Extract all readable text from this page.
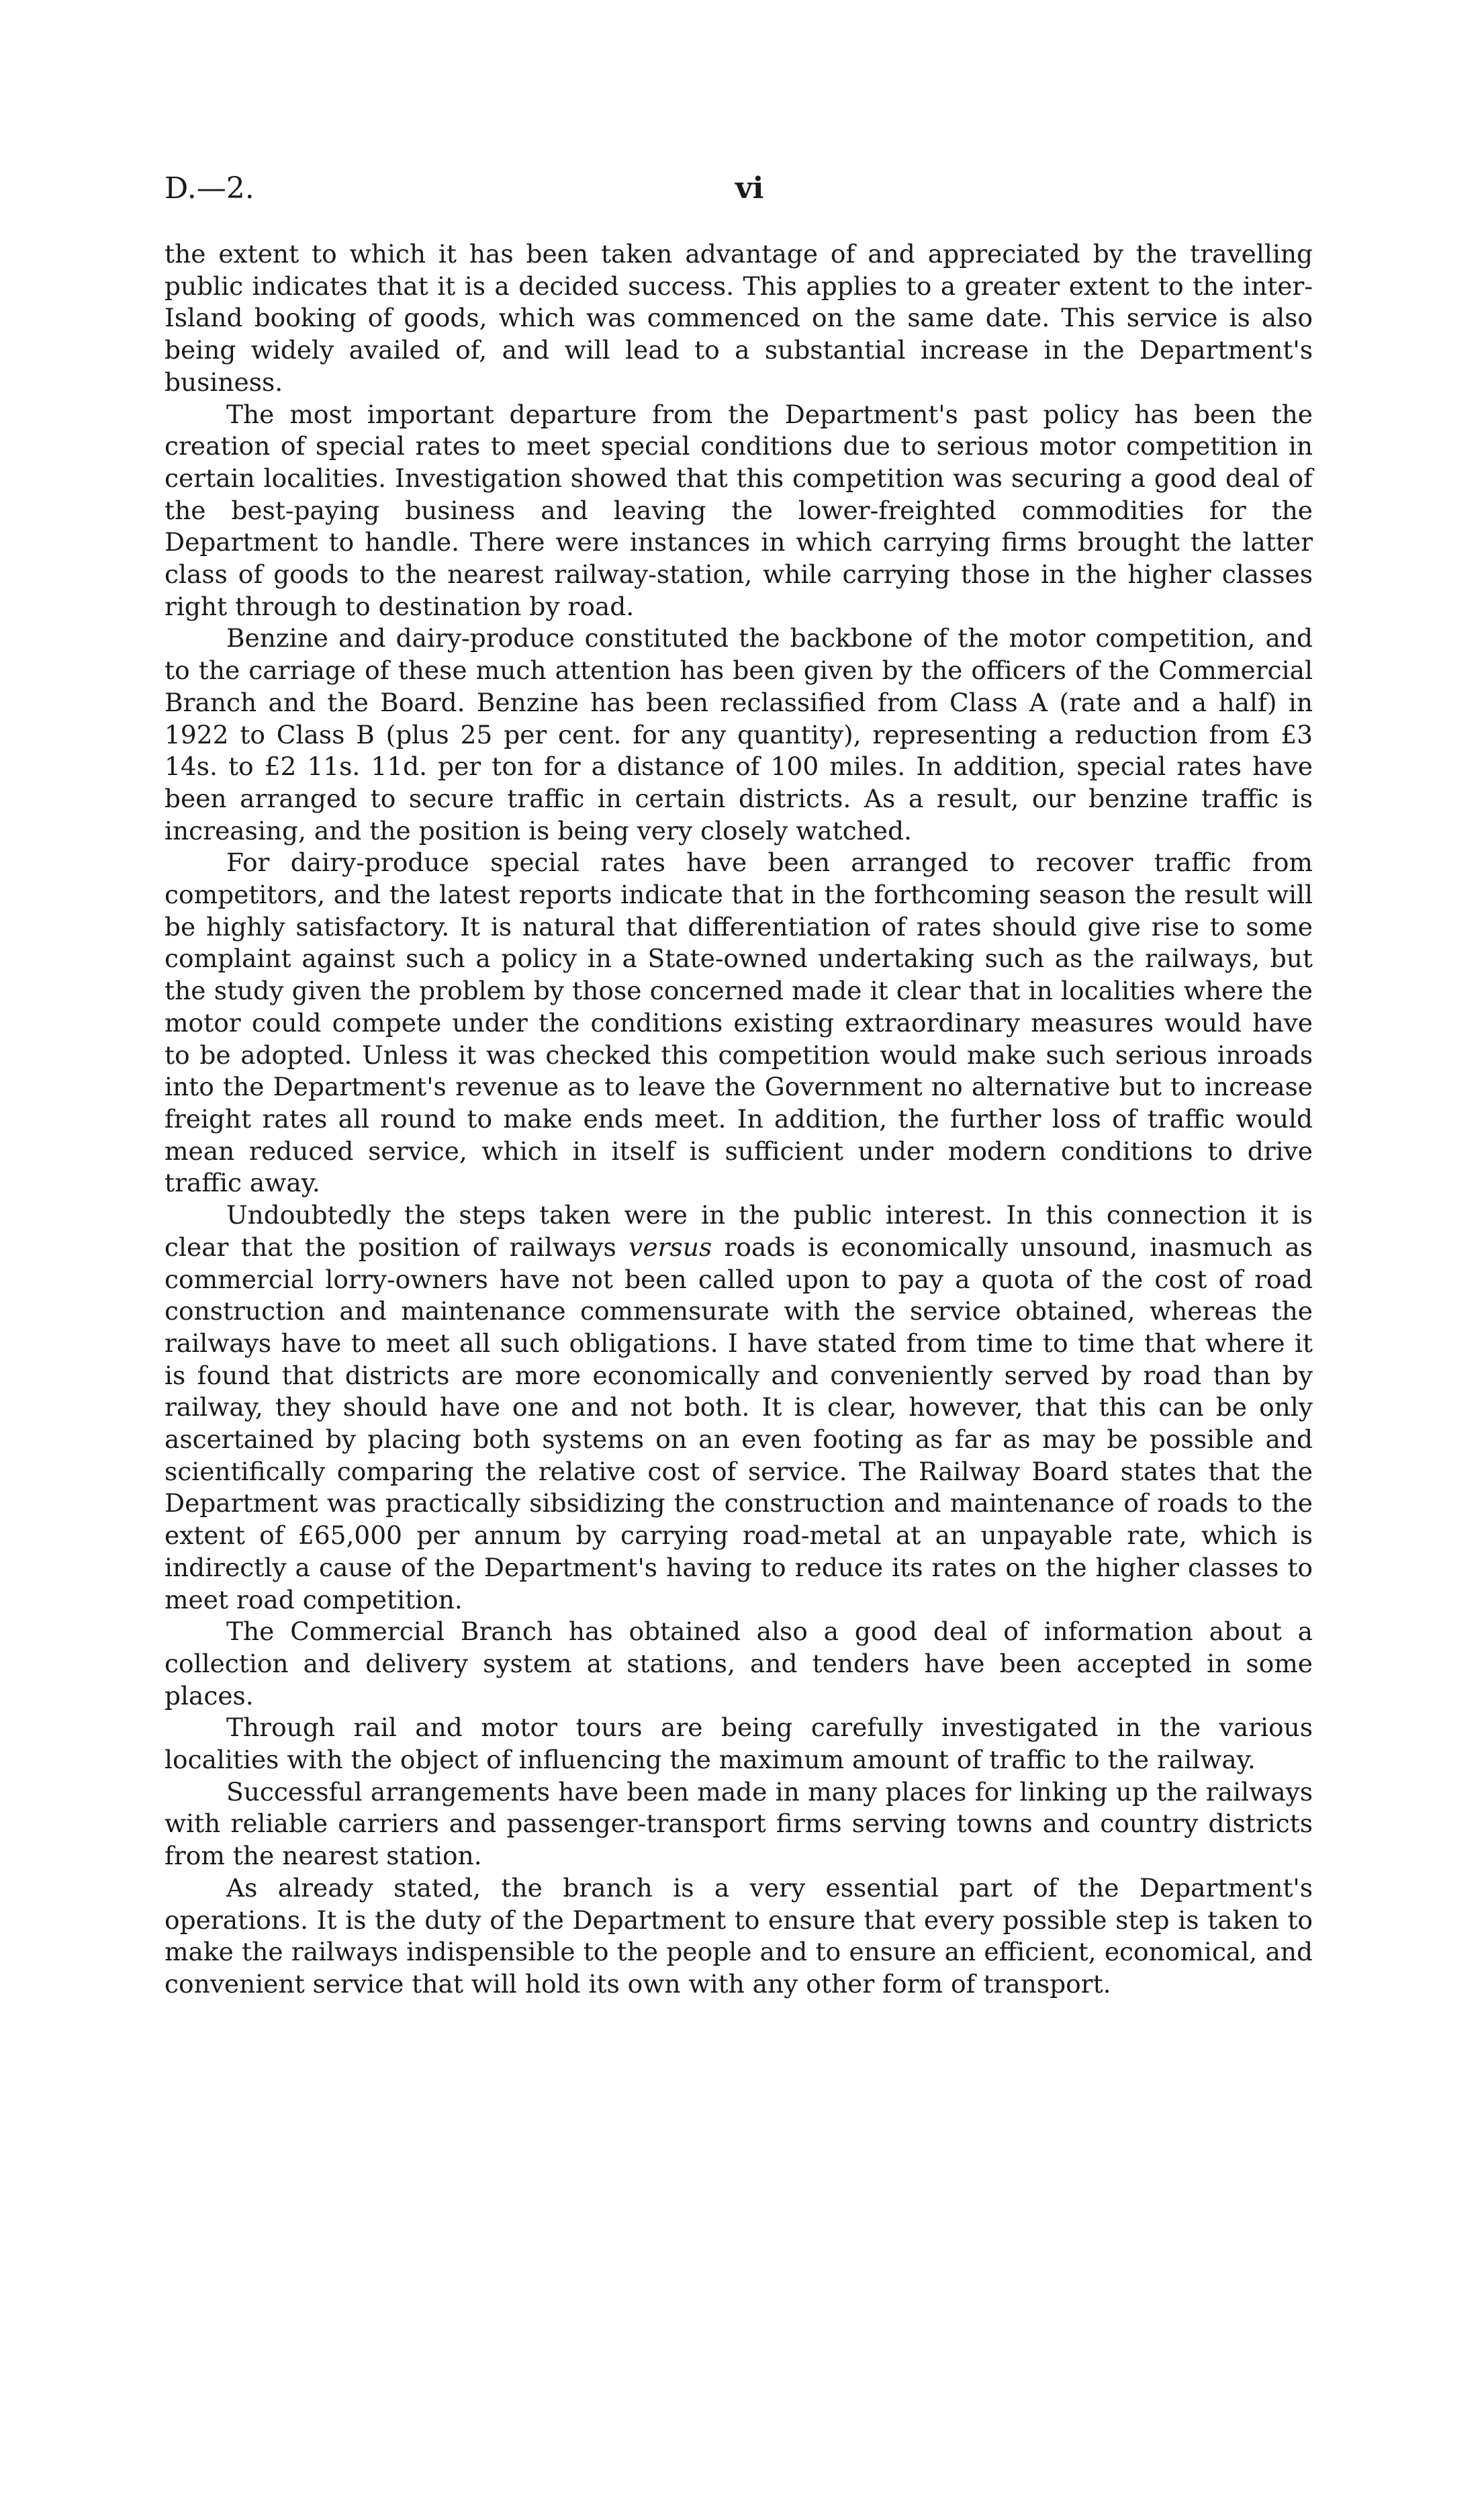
D.—2.	vi

the extent to which it has been taken advantage of and appreciated by the travelling public indicates that it is a decided success. This applies to a greater extent to the inter-Island booking of goods, which was commenced on the same date. This service is also being widely availed of, and will lead to a substantial increase in the Department's business.

The most important departure from the Department's past policy has been the creation of special rates to meet special conditions due to serious motor competition in certain localities. Investigation showed that this competition was securing a good deal of the best-paying business and leaving the lower-freighted commodities for the Department to handle. There were instances in which carrying firms brought the latter class of goods to the nearest railway-station, while carrying those in the higher classes right through to destination by road.

Benzine and dairy-produce constituted the backbone of the motor competition, and to the carriage of these much attention has been given by the officers of the Commercial Branch and the Board. Benzine has been reclassified from Class A (rate and a half) in 1922 to Class B (plus 25 per cent. for any quantity), representing a reduction from £3 14s. to £2 11s. 11d. per ton for a distance of 100 miles. In addition, special rates have been arranged to secure traffic in certain districts. As a result, our benzine traffic is increasing, and the position is being very closely watched.

For dairy-produce special rates have been arranged to recover traffic from competitors, and the latest reports indicate that in the forthcoming season the result will be highly satisfactory. It is natural that differentiation of rates should give rise to some complaint against such a policy in a State-owned undertaking such as the railways, but the study given the problem by those concerned made it clear that in localities where the motor could compete under the conditions existing extraordinary measures would have to be adopted. Unless it was checked this competition would make such serious inroads into the Department's revenue as to leave the Government no alternative but to increase freight rates all round to make ends meet. In addition, the further loss of traffic would mean reduced service, which in itself is sufficient under modern conditions to drive traffic away.

Undoubtedly the steps taken were in the public interest. In this connection it is clear that the position of railways versus roads is economically unsound, inasmuch as commercial lorry-owners have not been called upon to pay a quota of the cost of road construction and maintenance commensurate with the service obtained, whereas the railways have to meet all such obligations. I have stated from time to time that where it is found that districts are more economically and conveniently served by road than by railway, they should have one and not both. It is clear, however, that this can be only ascertained by placing both systems on an even footing as far as may be possible and scientifically comparing the relative cost of service. The Railway Board states that the Department was practically sibsidizing the construction and maintenance of roads to the extent of £65,000 per annum by carrying road-metal at an unpayable rate, which is indirectly a cause of the Department's having to reduce its rates on the higher classes to meet road competition.

The Commercial Branch has obtained also a good deal of information about a collection and delivery system at stations, and tenders have been accepted in some places.

Through rail and motor tours are being carefully investigated in the various localities with the object of influencing the maximum amount of traffic to the railway.

Successful arrangements have been made in many places for linking up the railways with reliable carriers and passenger-transport firms serving towns and country districts from the nearest station.

As already stated, the branch is a very essential part of the Department's operations. It is the duty of the Department to ensure that every possible step is taken to make the railways indispensible to the people and to ensure an efficient, economical, and convenient service that will hold its own with any other form of transport.
